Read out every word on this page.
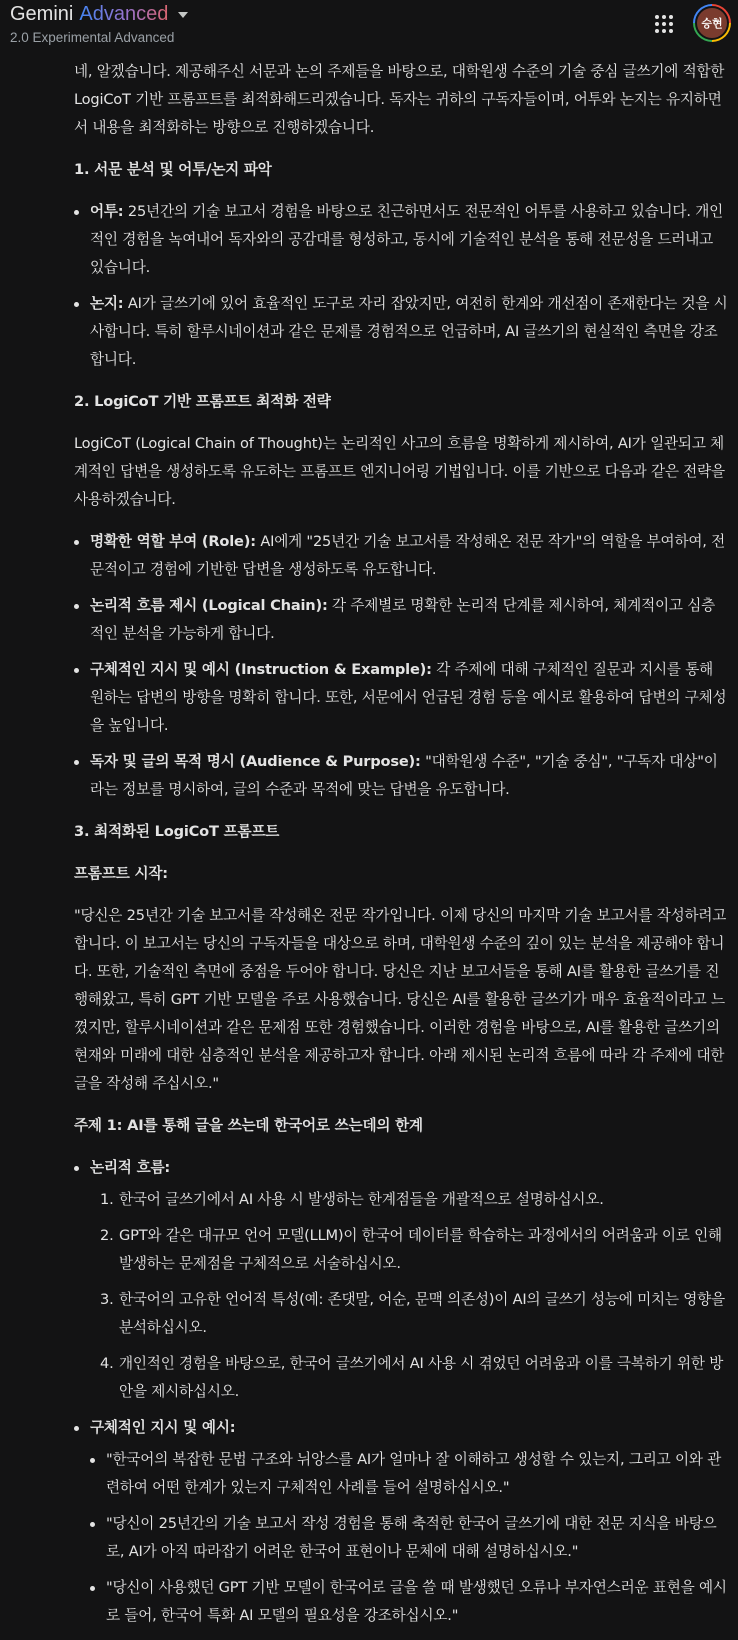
Gemini Advanced
2.0 Experimental Advanced
승현

네, 알겠습니다. 제공해주신 서문과 논의 주제들을 바탕으로, 대학원생 수준의 기술 중심 글쓰기에 적합한 LogiCoT 기반 프롬프트를 최적화해드리겠습니다. 독자는 귀하의 구독자들이며, 어투와 논지는 유지하면서 내용을 최적화하는 방향으로 진행하겠습니다.

1. 서문 분석 및 어투/논지 파악
어투: 25년간의 기술 보고서 경험을 바탕으로 친근하면서도 전문적인 어투를 사용하고 있습니다. 개인적인 경험을 녹여내어 독자와의 공감대를 형성하고, 동시에 기술적인 분석을 통해 전문성을 드러내고 있습니다.
논지: AI가 글쓰기에 있어 효율적인 도구로 자리 잡았지만, 여전히 한계와 개선점이 존재한다는 것을 시사합니다. 특히 할루시네이션과 같은 문제를 경험적으로 언급하며, AI 글쓰기의 현실적인 측면을 강조합니다.
2. LogiCoT 기반 프롬프트 최적화 전략

LogiCoT (Logical Chain of Thought)는 논리적인 사고의 흐름을 명확하게 제시하여, AI가 일관되고 체계적인 답변을 생성하도록 유도하는 프롬프트 엔지니어링 기법입니다. 이를 기반으로 다음과 같은 전략을 사용하겠습니다.

명확한 역할 부여 (Role): AI에게 "25년간 기술 보고서를 작성해온 전문 작가"의 역할을 부여하여, 전문적이고 경험에 기반한 답변을 생성하도록 유도합니다.
논리적 흐름 제시 (Logical Chain): 각 주제별로 명확한 논리적 단계를 제시하여, 체계적이고 심층적인 분석을 가능하게 합니다.
구체적인 지시 및 예시 (Instruction & Example): 각 주제에 대해 구체적인 질문과 지시를 통해 원하는 답변의 방향을 명확히 합니다. 또한, 서문에서 언급된 경험 등을 예시로 활용하여 답변의 구체성을 높입니다.
독자 및 글의 목적 명시 (Audience & Purpose): "대학원생 수준", "기술 중심", "구독자 대상"이라는 정보를 명시하여, 글의 수준과 목적에 맞는 답변을 유도합니다.
3. 최적화된 LogiCoT 프롬프트
프롬프트 시작:

"당신은 25년간 기술 보고서를 작성해온 전문 작가입니다. 이제 당신의 마지막 기술 보고서를 작성하려고 합니다. 이 보고서는 당신의 구독자들을 대상으로 하며, 대학원생 수준의 깊이 있는 분석을 제공해야 합니다. 또한, 기술적인 측면에 중점을 두어야 합니다. 당신은 지난 보고서들을 통해 AI를 활용한 글쓰기를 진행해왔고, 특히 GPT 기반 모델을 주로 사용했습니다. 당신은 AI를 활용한 글쓰기가 매우 효율적이라고 느꼈지만, 할루시네이션과 같은 문제점 또한 경험했습니다. 이러한 경험을 바탕으로, AI를 활용한 글쓰기의 현재와 미래에 대한 심층적인 분석을 제공하고자 합니다. 아래 제시된 논리적 흐름에 따라 각 주제에 대한 글을 작성해 주십시오."

주제 1: AI를 통해 글을 쓰는데 한국어로 쓰는데의 한계
논리적 흐름:
1. 한국어 글쓰기에서 AI 사용 시 발생하는 한계점들을 개괄적으로 설명하십시오.
2. GPT와 같은 대규모 언어 모델(LLM)이 한국어 데이터를 학습하는 과정에서의 어려움과 이로 인해 발생하는 문제점을 구체적으로 서술하십시오.
3. 한국어의 고유한 언어적 특성(예: 존댓말, 어순, 문맥 의존성)이 AI의 글쓰기 성능에 미치는 영향을 분석하십시오.
4. 개인적인 경험을 바탕으로, 한국어 글쓰기에서 AI 사용 시 겪었던 어려움과 이를 극복하기 위한 방안을 제시하십시오.
구체적인 지시 및 예시:
"한국어의 복잡한 문법 구조와 뉘앙스를 AI가 얼마나 잘 이해하고 생성할 수 있는지, 그리고 이와 관련하여 어떤 한계가 있는지 구체적인 사례를 들어 설명하십시오."
"당신이 25년간의 기술 보고서 작성 경험을 통해 축적한 한국어 글쓰기에 대한 전문 지식을 바탕으로, AI가 아직 따라잡기 어려운 한국어 표현이나 문체에 대해 설명하십시오."
"당신이 사용했던 GPT 기반 모델이 한국어로 글을 쓸 때 발생했던 오류나 부자연스러운 표현을 예시로 들어, 한국어 특화 AI 모델의 필요성을 강조하십시오."
